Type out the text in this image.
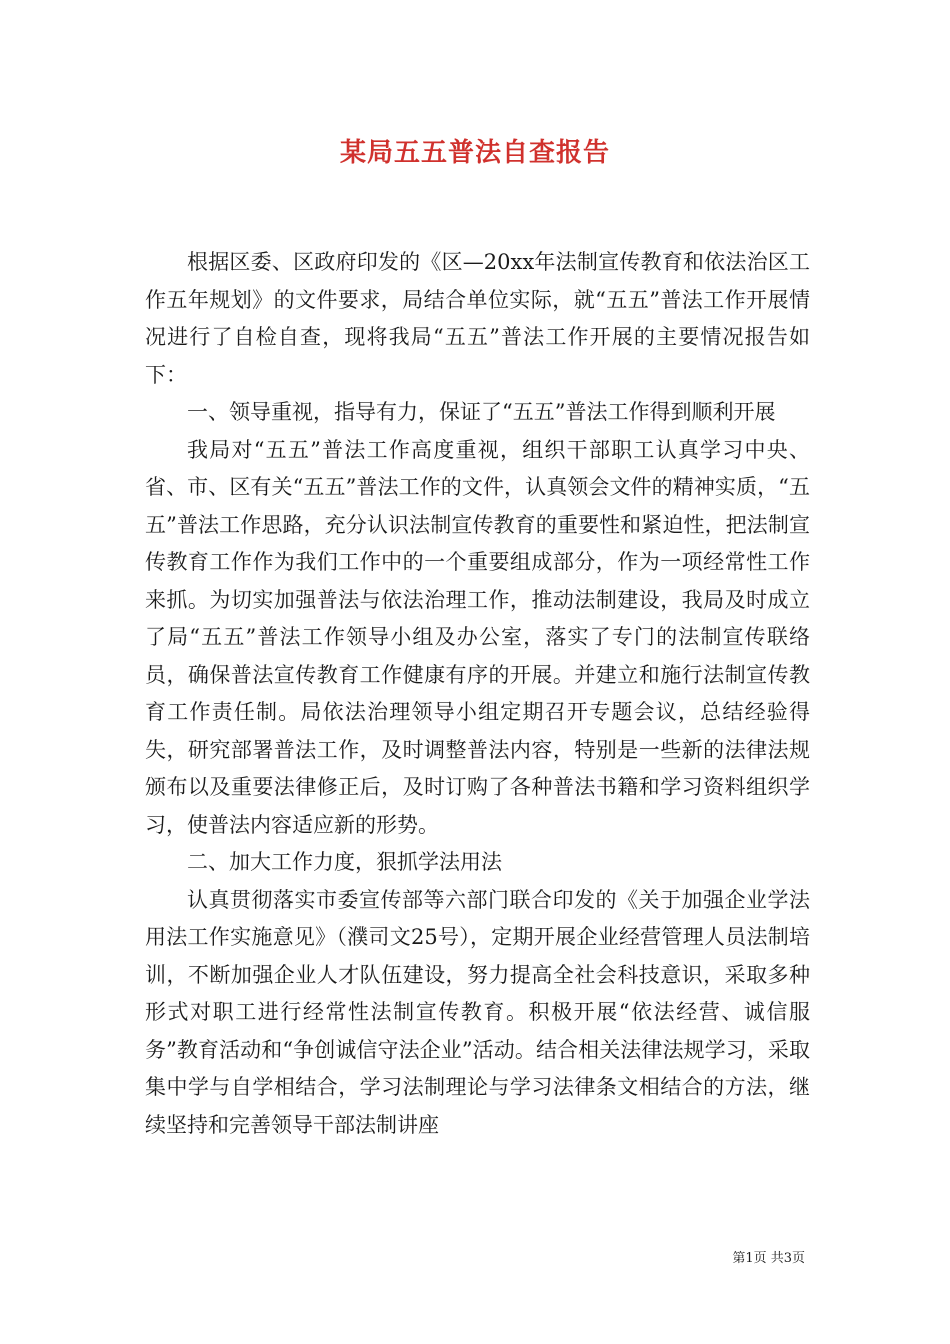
某局五五普法自查报告

根据区委、区政府印发的《区—20xx年法制宣传教育和依法治区工作五年规划》的文件要求，局结合单位实际，就“五五”普法工作开展情况进行了自检自查，现将我局“五五”普法工作开展的主要情况报告如下：

一、领导重视，指导有力，保证了“五五”普法工作得到顺利开展

我局对“五五”普法工作高度重视，组织干部职工认真学习中央、省、市、区有关“五五”普法工作的文件，认真领会文件的精神实质，“五五”普法工作思路，充分认识法制宣传教育的重要性和紧迫性，把法制宣传教育工作作为我们工作中的一个重要组成部分，作为一项经常性工作来抓。为切实加强普法与依法治理工作，推动法制建设，我局及时成立了局“五五”普法工作领导小组及办公室，落实了专门的法制宣传联络员，确保普法宣传教育工作健康有序的开展。并建立和施行法制宣传教育工作责任制。局依法治理领导小组定期召开专题会议，总结经验得失，研究部署普法工作，及时调整普法内容，特别是一些新的法律法规颁布以及重要法律修正后，及时订购了各种普法书籍和学习资料组织学习，使普法内容适应新的形势。

二、加大工作力度，狠抓学法用法

认真贯彻落实市委宣传部等六部门联合印发的《关于加强企业学法用法工作实施意见》（濮司文25号），定期开展企业经营管理人员法制培训，不断加强企业人才队伍建设，努力提高全社会科技意识，采取多种形式对职工进行经常性法制宣传教育。积极开展“依法经营、诚信服务”教育活动和“争创诚信守法企业”活动。结合相关法律法规学习，采取集中学与自学相结合，学习法制理论与学习法律条文相结合的方法，继续坚持和完善领导干部法制讲座

第1页 共3页
